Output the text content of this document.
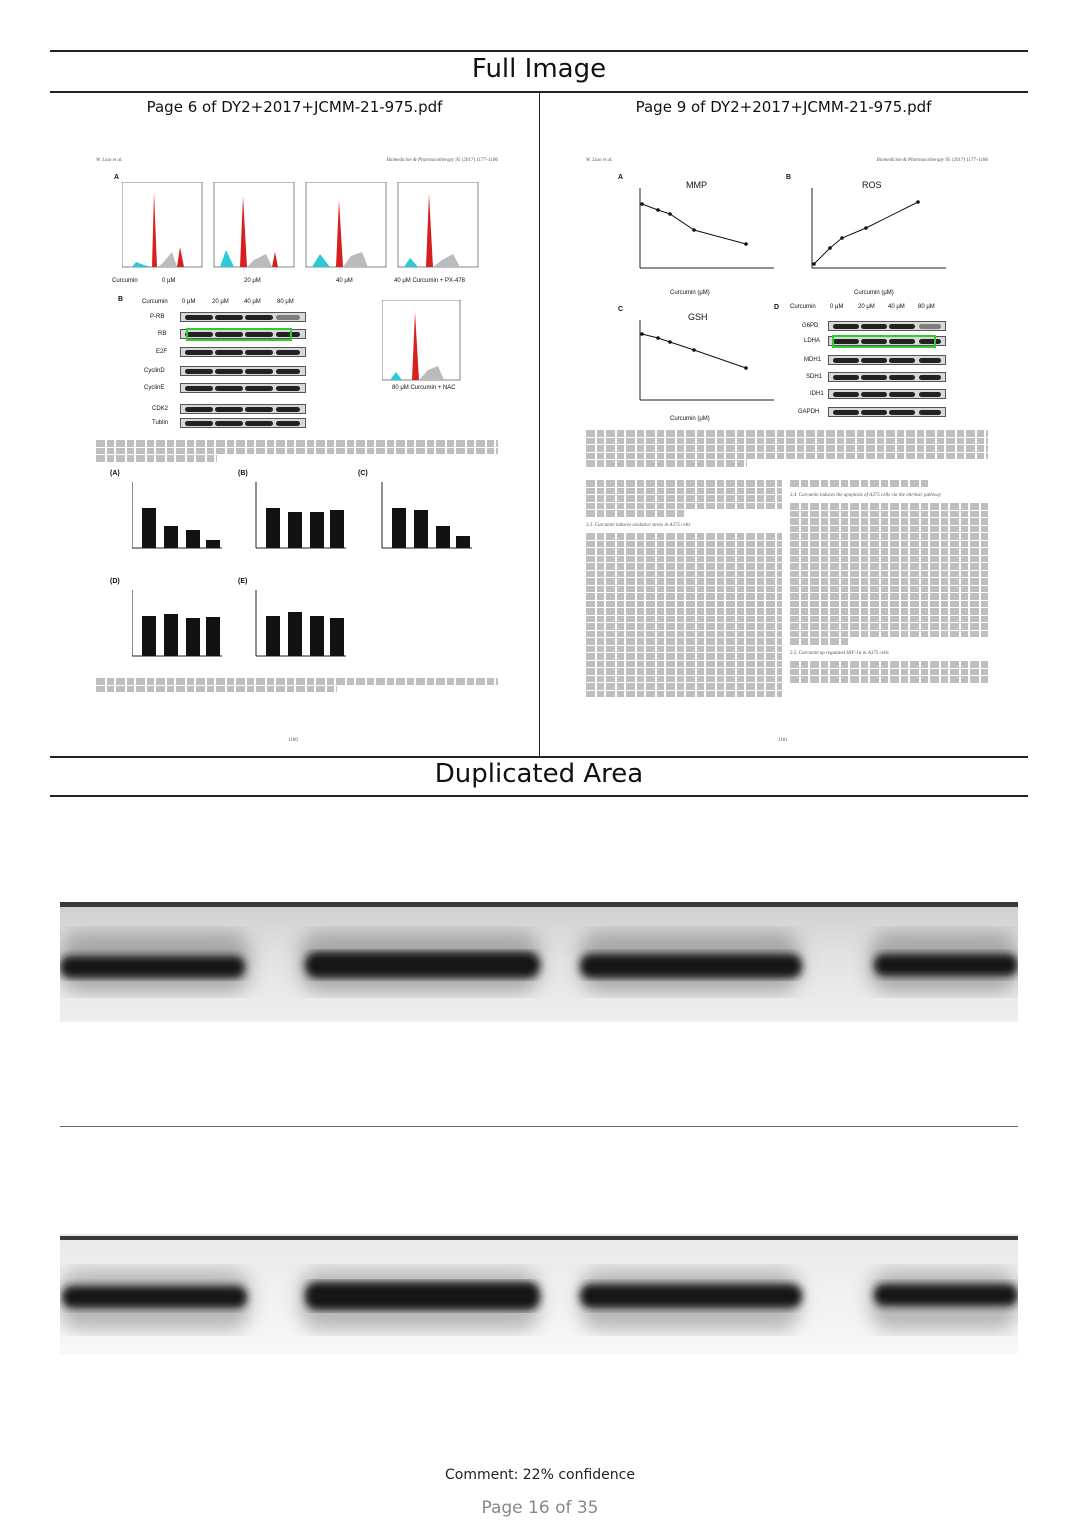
Full Image
Page 6 of DY2+2017+JCMM-21-975.pdf
W. Liao et al.	Biomedicine & Pharmacotherapy 95 (2017) 1177–1186
A
Curcumin	0 μM	20 μM	40 μM	40 μM Curcumin + PX-478
B	Curcumin 0 μM	20 μM	40 μM	80 μM
P-RB
RB
E2F
CyclinD
CyclinE
CDK2
Tublin
80 μM Curcumin + NAC
(A)	(B)	(C)
(D)	(E)
1180
Page 9 of DY2+2017+JCMM-21-975.pdf
W. Liao et al.	Biomedicine & Pharmacotherapy 95 (2017) 1177–1186
A
MMP
Curcumin (μM)
B
ROS
Curcumin (μM)
C
GSH
Curcumin (μM)
D Curcumin 0 μM 20 μM 40 μM 80 μM
G6PD
LDHA
MDH1
SDH1
IDH1
GAPDH
3.3. Curcumin induces oxidative stress in A375 cells
3.4. Curcumin induces the apoptosis of A375 cells via the intrinsic pathway
3.5. Curcumin up regulated HIF-1α in A375 cells
1181
Duplicated Area
Comment: 22% confidence
Page 16 of 35
